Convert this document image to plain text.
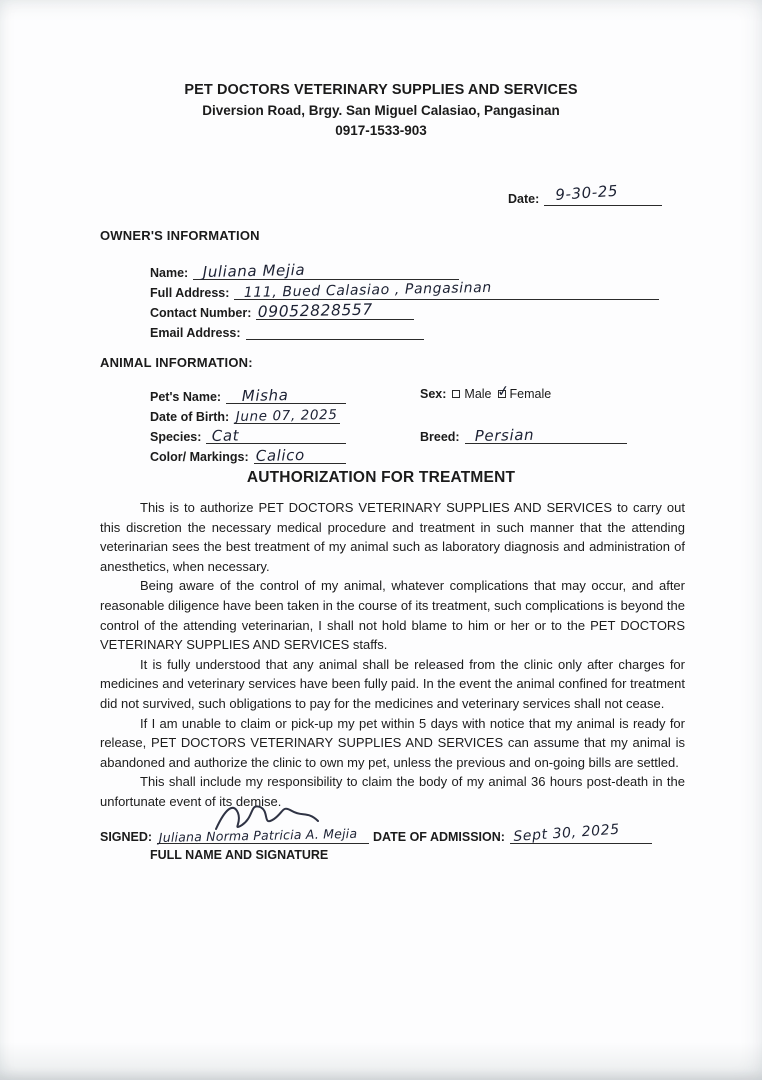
PET DOCTORS VETERINARY SUPPLIES AND SERVICES
Diversion Road, Brgy. San Miguel Calasiao, Pangasinan
0917-1533-903
Date: 9-30-25
OWNER'S INFORMATION
Name: Juliana Mejia
Full Address: 111, Bued Calasiao , Pangasinan
Contact Number: 09052828557
Email Address:
ANIMAL INFORMATION:
Pet's Name: Misha	Sex: Male ✓ Female
Date of Birth: June 07, 2025
Species: Cat	Breed: Persian
Color/ Markings: Calico
AUTHORIZATION FOR TREATMENT

This is to authorize PET DOCTORS VETERINARY SUPPLIES AND SERVICES to carry out this discretion the necessary medical procedure and treatment in such manner that the attending veterinarian sees the best treatment of my animal such as laboratory diagnosis and administration of anesthetics, when necessary.

Being aware of the control of my animal, whatever complications that may occur, and after reasonable diligence have been taken in the course of its treatment, such complications is beyond the control of the attending veterinarian, I shall not hold blame to him or her or to the PET DOCTORS VETERINARY SUPPLIES AND SERVICES staffs.

It is fully understood that any animal shall be released from the clinic only after charges for medicines and veterinary services have been fully paid. In the event the animal confined for treatment did not survived, such obligations to pay for the medicines and veterinary services shall not cease.

If I am unable to claim or pick-up my pet within 5 days with notice that my animal is ready for release, PET DOCTORS VETERINARY SUPPLIES AND SERVICES can assume that my animal is abandoned and authorize the clinic to own my pet, unless the previous and on-going bills are settled.

This shall include my responsibility to claim the body of my animal 36 hours post-death in the unfortunate event of its demise.

SIGNED: Juliana Norma Patricia A. Mejia
FULL NAME AND SIGNATURE
DATE OF ADMISSION: Sept 30, 2025
